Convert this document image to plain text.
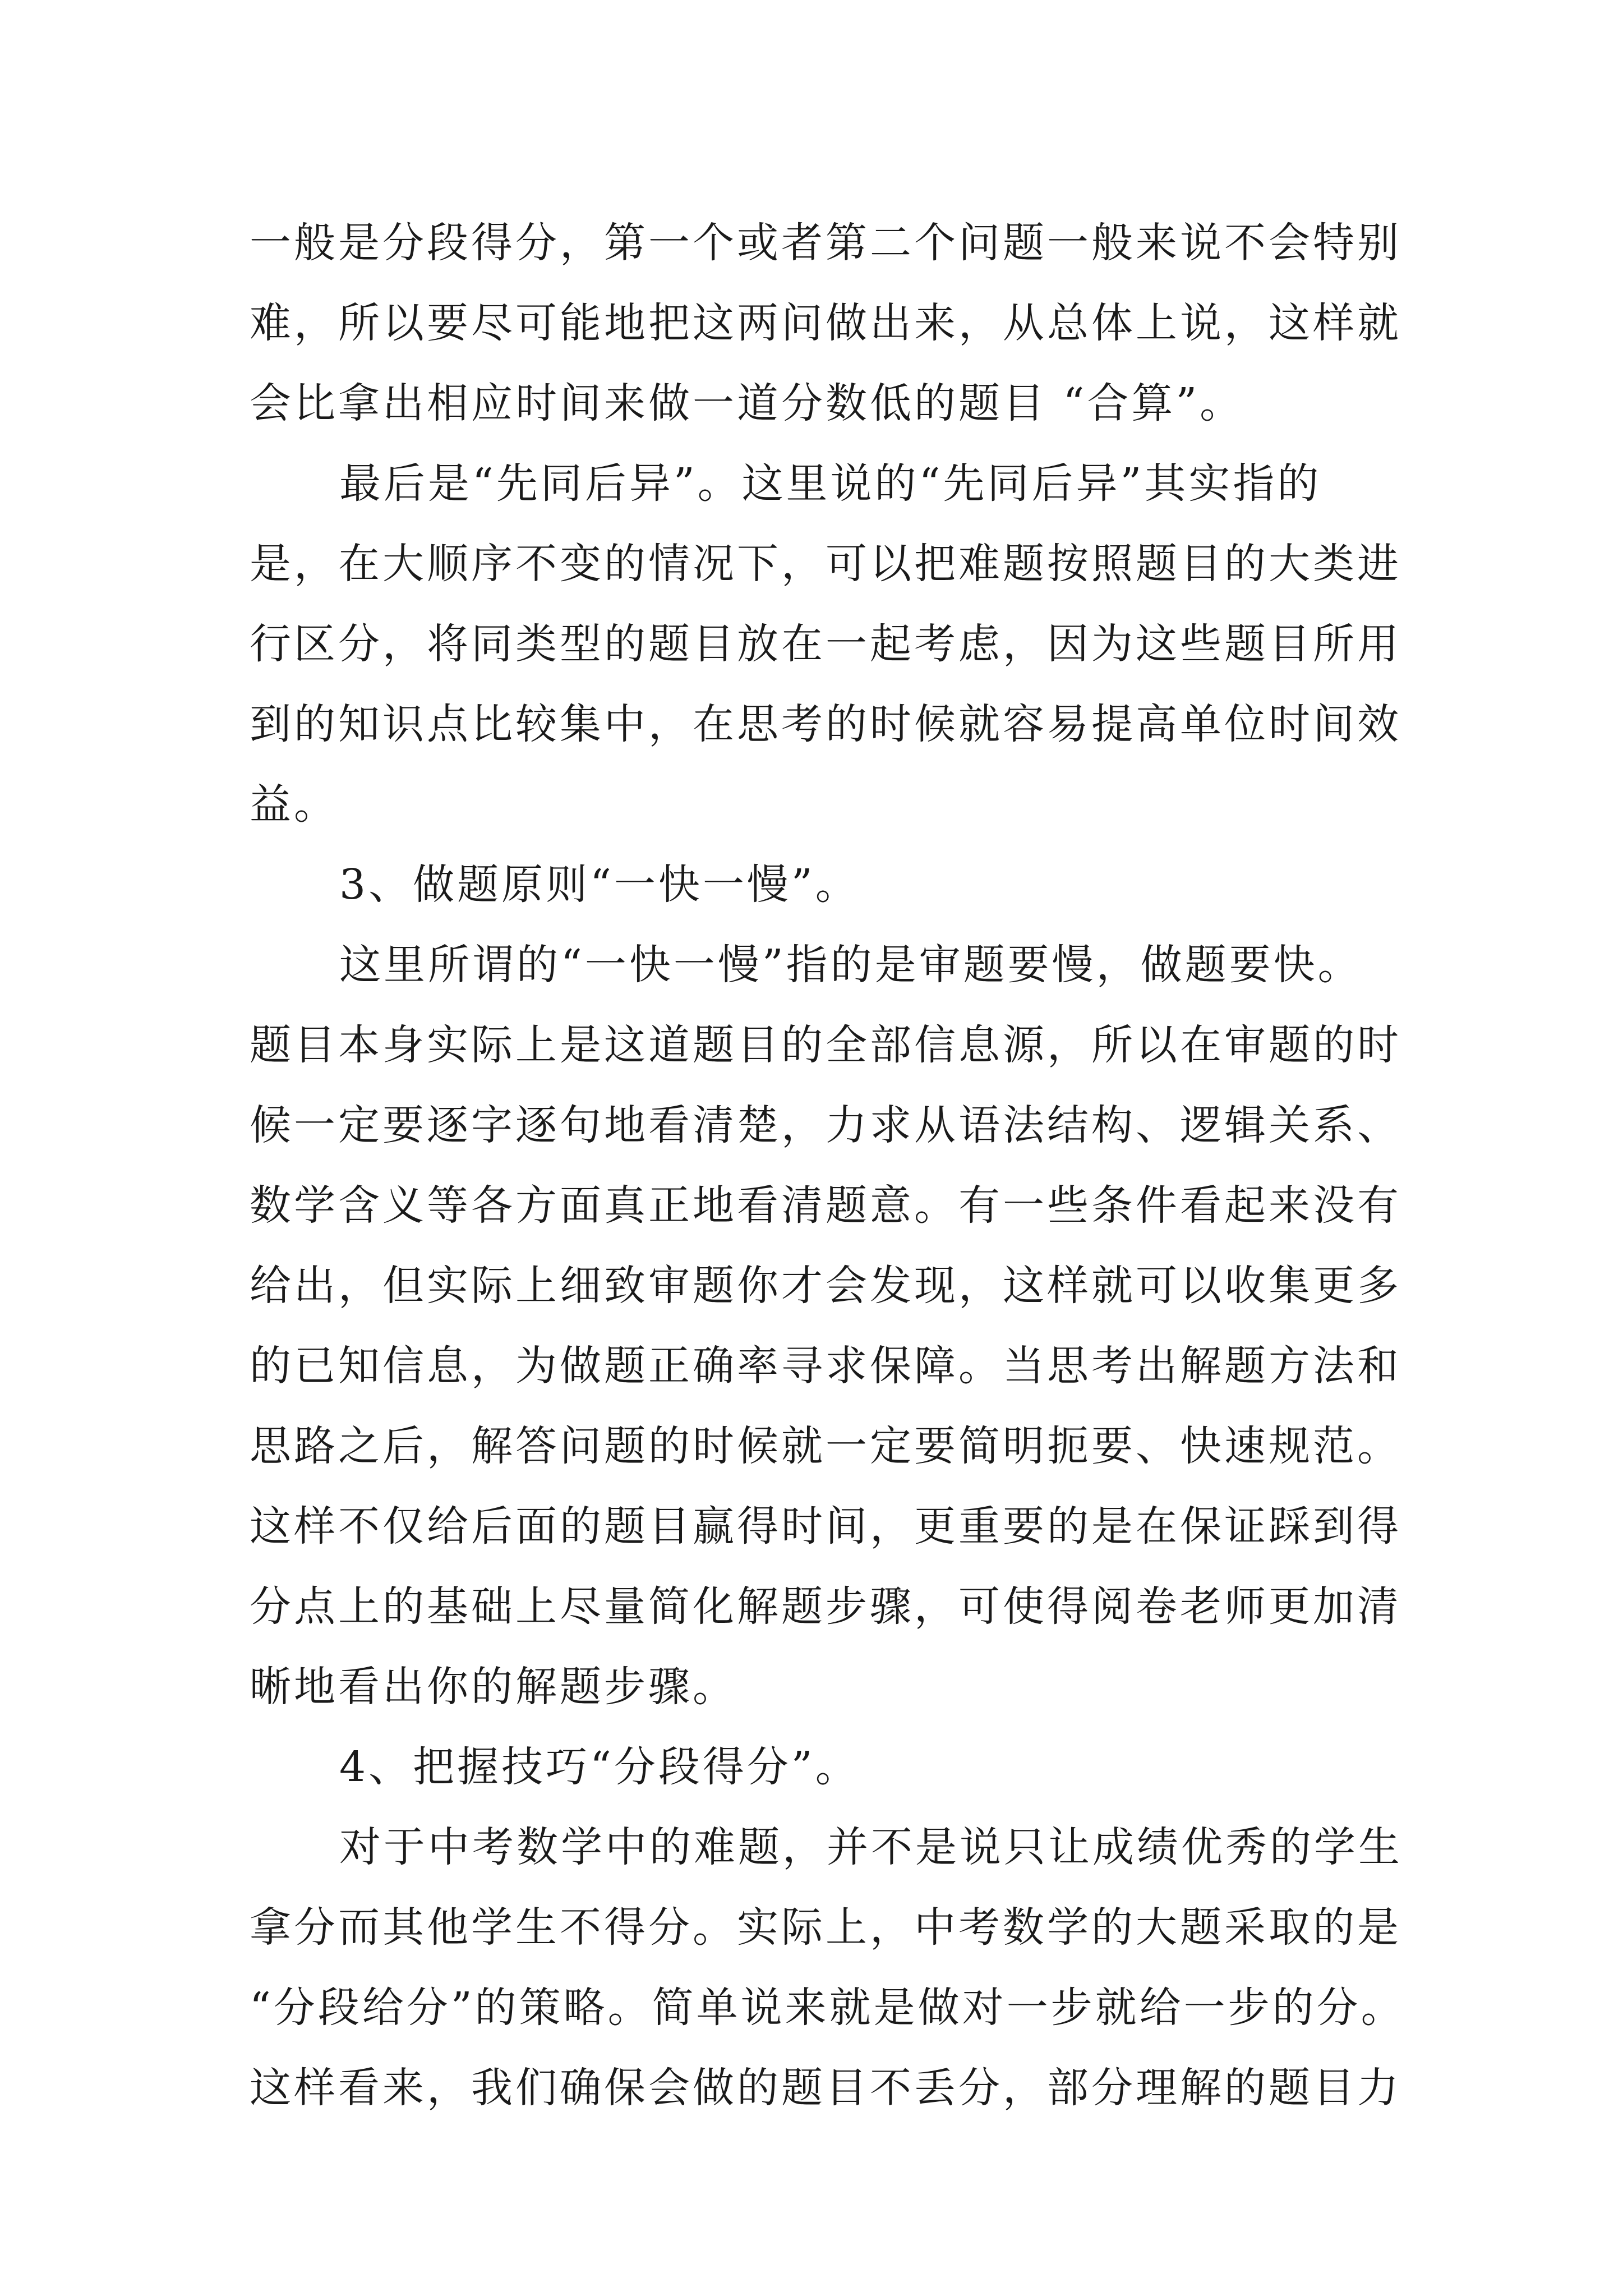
一般是分段得分，第一个或者第二个问题一般来说不会特别
难，所以要尽可能地把这两问做出来，从总体上说，这样就
会比拿出相应时间来做一道分数低的题目 “合算”。
最后是“先同后异”。这里说的“先同后异”其实指的
是，在大顺序不变的情况下，可以把难题按照题目的大类进
行区分，将同类型的题目放在一起考虑，因为这些题目所用
到的知识点比较集中，在思考的时候就容易提高单位时间效
益。
3、做题原则“一快一慢”。
这里所谓的“一快一慢”指的是审题要慢，做题要快。
题目本身实际上是这道题目的全部信息源，所以在审题的时
候一定要逐字逐句地看清楚，力求从语法结构、逻辑关系、
数学含义等各方面真正地看清题意。有一些条件看起来没有
给出，但实际上细致审题你才会发现，这样就可以收集更多
的已知信息，为做题正确率寻求保障。当思考出解题方法和
思路之后，解答问题的时候就一定要简明扼要、快速规范。
这样不仅给后面的题目赢得时间，更重要的是在保证踩到得
分点上的基础上尽量简化解题步骤，可使得阅卷老师更加清
晰地看出你的解题步骤。
4、把握技巧“分段得分”。
对于中考数学中的难题，并不是说只让成绩优秀的学生
拿分而其他学生不得分。实际上，中考数学的大题采取的是
“分段给分”的策略。简单说来就是做对一步就给一步的分。
这样看来，我们确保会做的题目不丢分，部分理解的题目力
